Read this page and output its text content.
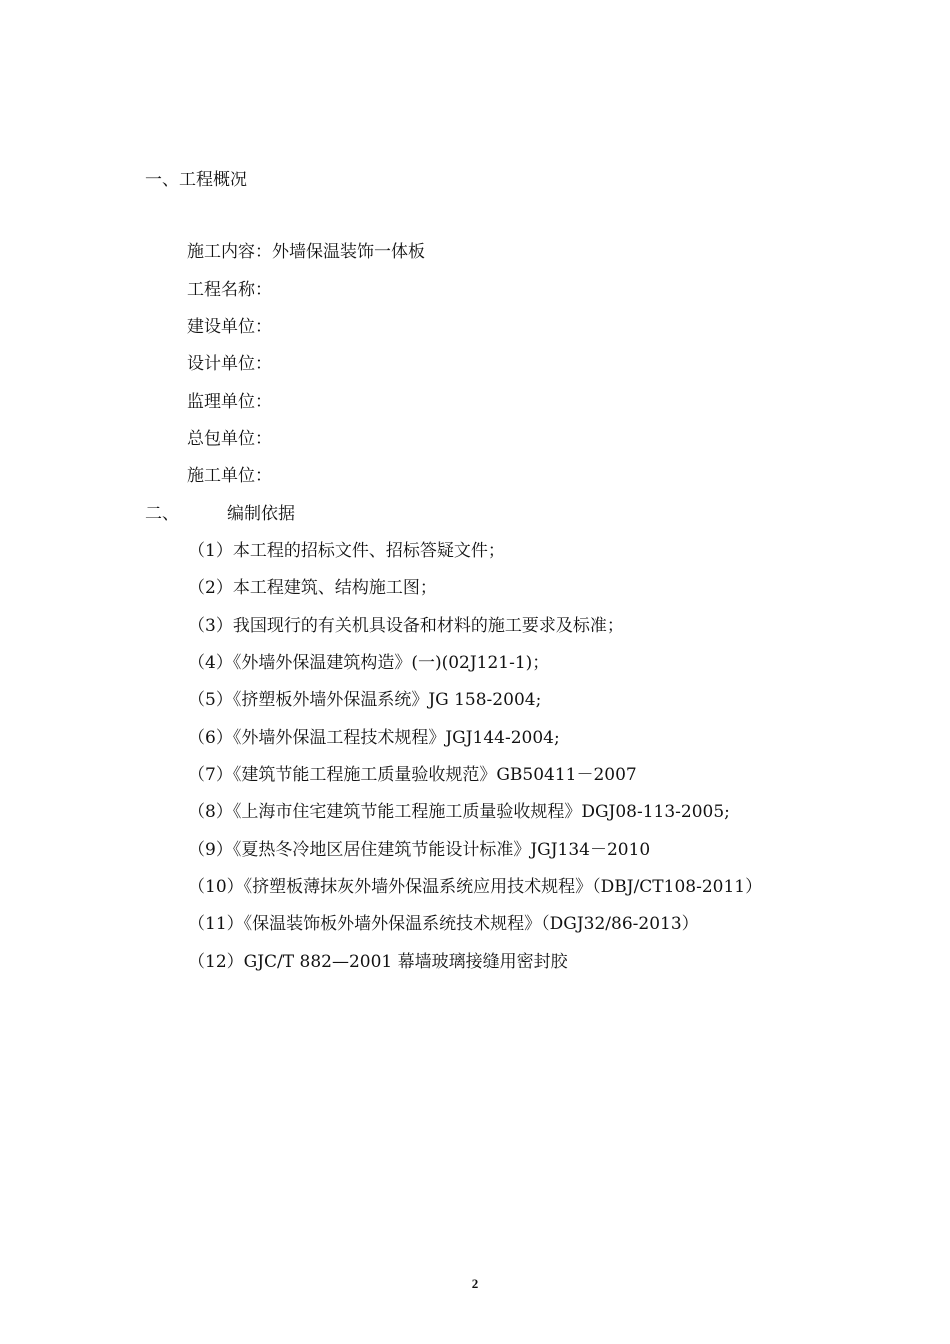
一、工程概况
施工内容：外墙保温装饰一体板
工程名称：
建设单位：
设计单位：
监理单位：
总包单位：
施工单位：
二、	编制依据
（1）本工程的招标文件、招标答疑文件；
（2）本工程建筑、结构施工图；
（3）我国现行的有关机具设备和材料的施工要求及标准；
（4）《外墙外保温建筑构造》(一)(02J121-1)；
（5）《挤塑板外墙外保温系统》JG 158-2004;
（6）《外墙外保温工程技术规程》JGJ144-2004;
（7）《建筑节能工程施工质量验收规范》GB50411－2007
（8）《上海市住宅建筑节能工程施工质量验收规程》DGJ08-113-2005;
（9）《夏热冬冷地区居住建筑节能设计标准》JGJ134－2010
（10）《挤塑板薄抹灰外墙外保温系统应用技术规程》（DBJ/CT108-2011）
（11）《保温装饰板外墙外保温系统技术规程》（DGJ32/86-2013）
（12）GJC/T 882—2001 幕墙玻璃接缝用密封胶
2
